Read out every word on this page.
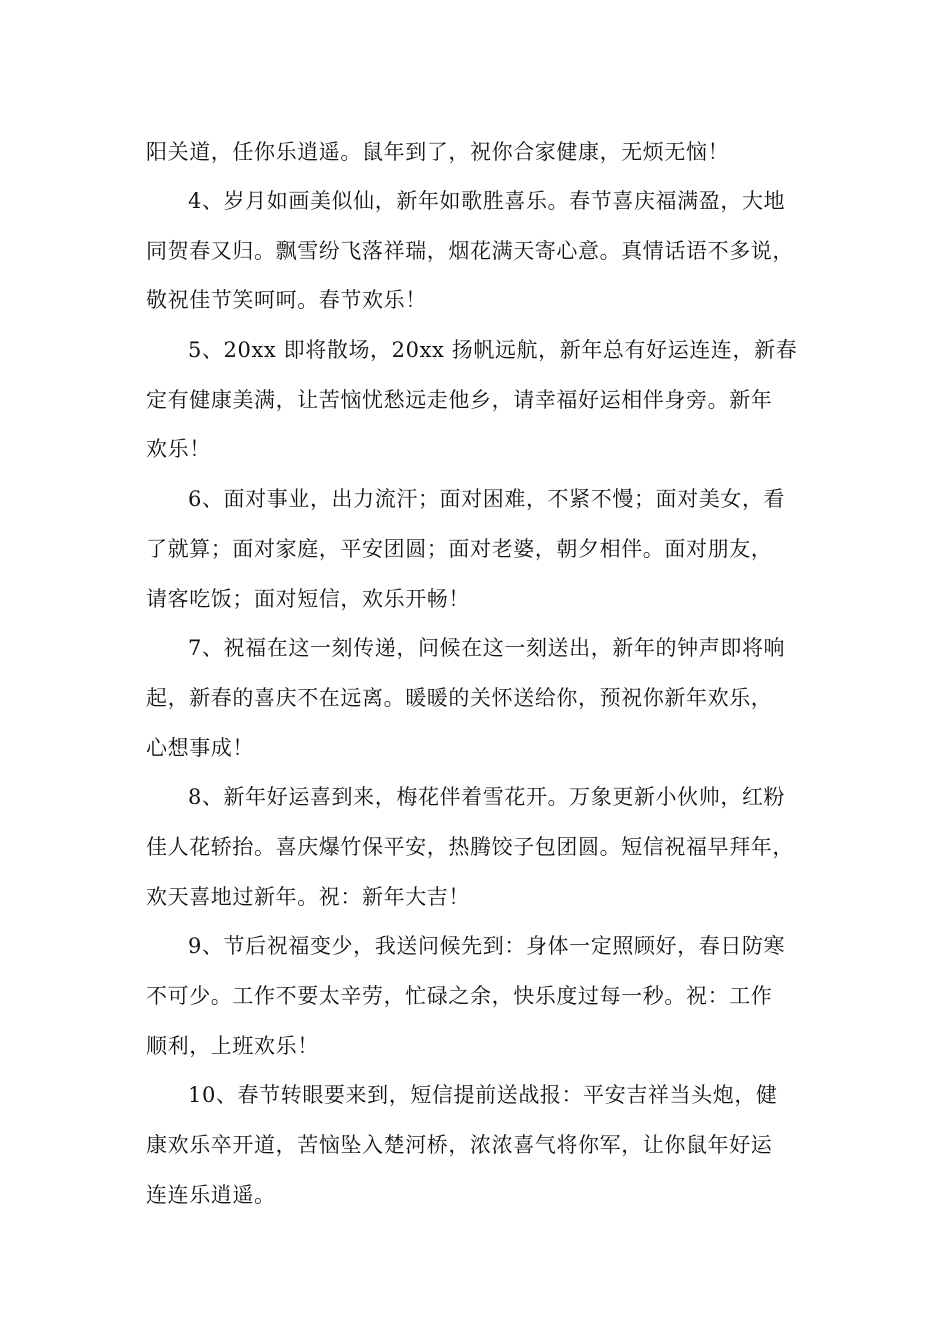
阳关道，任你乐逍遥。鼠年到了，祝你合家健康，无烦无恼！
4、岁月如画美似仙，新年如歌胜喜乐。春节喜庆福满盈，大地
同贺春又归。飘雪纷飞落祥瑞，烟花满天寄心意。真情话语不多说，
敬祝佳节笑呵呵。春节欢乐！
5、20xx 即将散场，20xx 扬帆远航，新年总有好运连连，新春
定有健康美满，让苦恼忧愁远走他乡，请幸福好运相伴身旁。新年
欢乐！
6、面对事业，出力流汗；面对困难，不紧不慢；面对美女，看
了就算；面对家庭，平安团圆；面对老婆，朝夕相伴。面对朋友，
请客吃饭；面对短信，欢乐开畅！
7、祝福在这一刻传递，问候在这一刻送出，新年的钟声即将响
起，新春的喜庆不在远离。暖暖的关怀送给你，预祝你新年欢乐，
心想事成！
8、新年好运喜到来，梅花伴着雪花开。万象更新小伙帅，红粉
佳人花轿抬。喜庆爆竹保平安，热腾饺子包团圆。短信祝福早拜年，
欢天喜地过新年。祝：新年大吉！
9、节后祝福变少，我送问候先到：身体一定照顾好，春日防寒
不可少。工作不要太辛劳，忙碌之余，快乐度过每一秒。祝：工作
顺利，上班欢乐！
10、春节转眼要来到，短信提前送战报：平安吉祥当头炮，健
康欢乐卒开道，苦恼坠入楚河桥，浓浓喜气将你军，让你鼠年好运
连连乐逍遥。
